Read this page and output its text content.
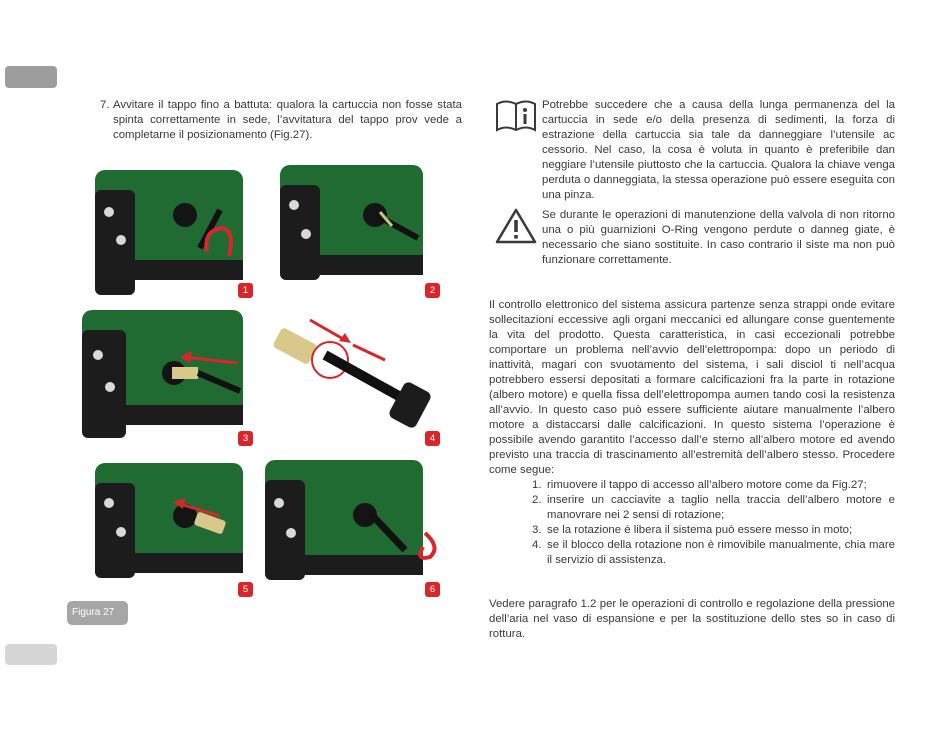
7. Avvitare il tappo fino a battuta: qualora la cartuccia non fosse stata spinta correttamente in sede, l’avvitatura del tappo prov vede a completarne il posizionamento (Fig.27).
1	2
3	4
5	6
Figura 27
Potrebbe succedere che a causa della lunga permanenza del la cartuccia in sede e/o della presenza di sedimenti, la forza di estrazione della cartuccia sia tale da danneggiare l’utensile ac cessorio. Nel caso, la cosa è voluta in quanto è preferibile dan neggiare l’utensile piuttosto che la cartuccia. Qualora la chiave venga perduta o danneggiata, la stessa operazione può essere eseguita con una pinza.
Se durante le operazioni di manutenzione della valvola di non ritorno una o più guarnizioni O-Ring vengono perdute o danneg giate, è necessario che siano sostituite. In caso contrario il siste ma non può funzionare correttamente.

Il controllo elettronico del sistema assicura partenze senza strappi onde evitare sollecitazioni eccessive agli organi meccanici ed allungare conse guentemente la vita del prodotto. Questa caratteristica, in casi eccezionali potrebbe comportare un problema nell’avvio dell’elettropompa: dopo un periodo di inattività, magari con svuotamento del sistema, i sali disciol ti nell’acqua potrebbero essersi depositati a formare calcificazioni fra la parte in rotazione (albero motore) e quella fissa dell’elettropompa aumen tando così la resistenza all’avvio. In questo caso può essere sufficiente aiutare manualmente l’albero motore a distaccarsi dalle calcificazioni. In questo sistema l’operazione è possibile avendo garantito l’accesso dall’e sterno all’albero motore ed avendo previsto una traccia di trascinamento all’estremità dell’albero stesso. Procedere come segue:

1. rimuovere il tappo di accesso all’albero motore come da Fig.27;
2. inserire un cacciavite a taglio nella traccia dell’albero motore e manovrare nei 2 sensi di rotazione;
3. se la rotazione è libera il sistema può essere messo in moto;
4. se il blocco della rotazione non è rimovibile manualmente, chia mare il servizio di assistenza.

Vedere paragrafo 1.2 per le operazioni di controllo e regolazione della pressione dell’aria nel vaso di espansione e per la sostituzione dello stes so in caso di rottura.
